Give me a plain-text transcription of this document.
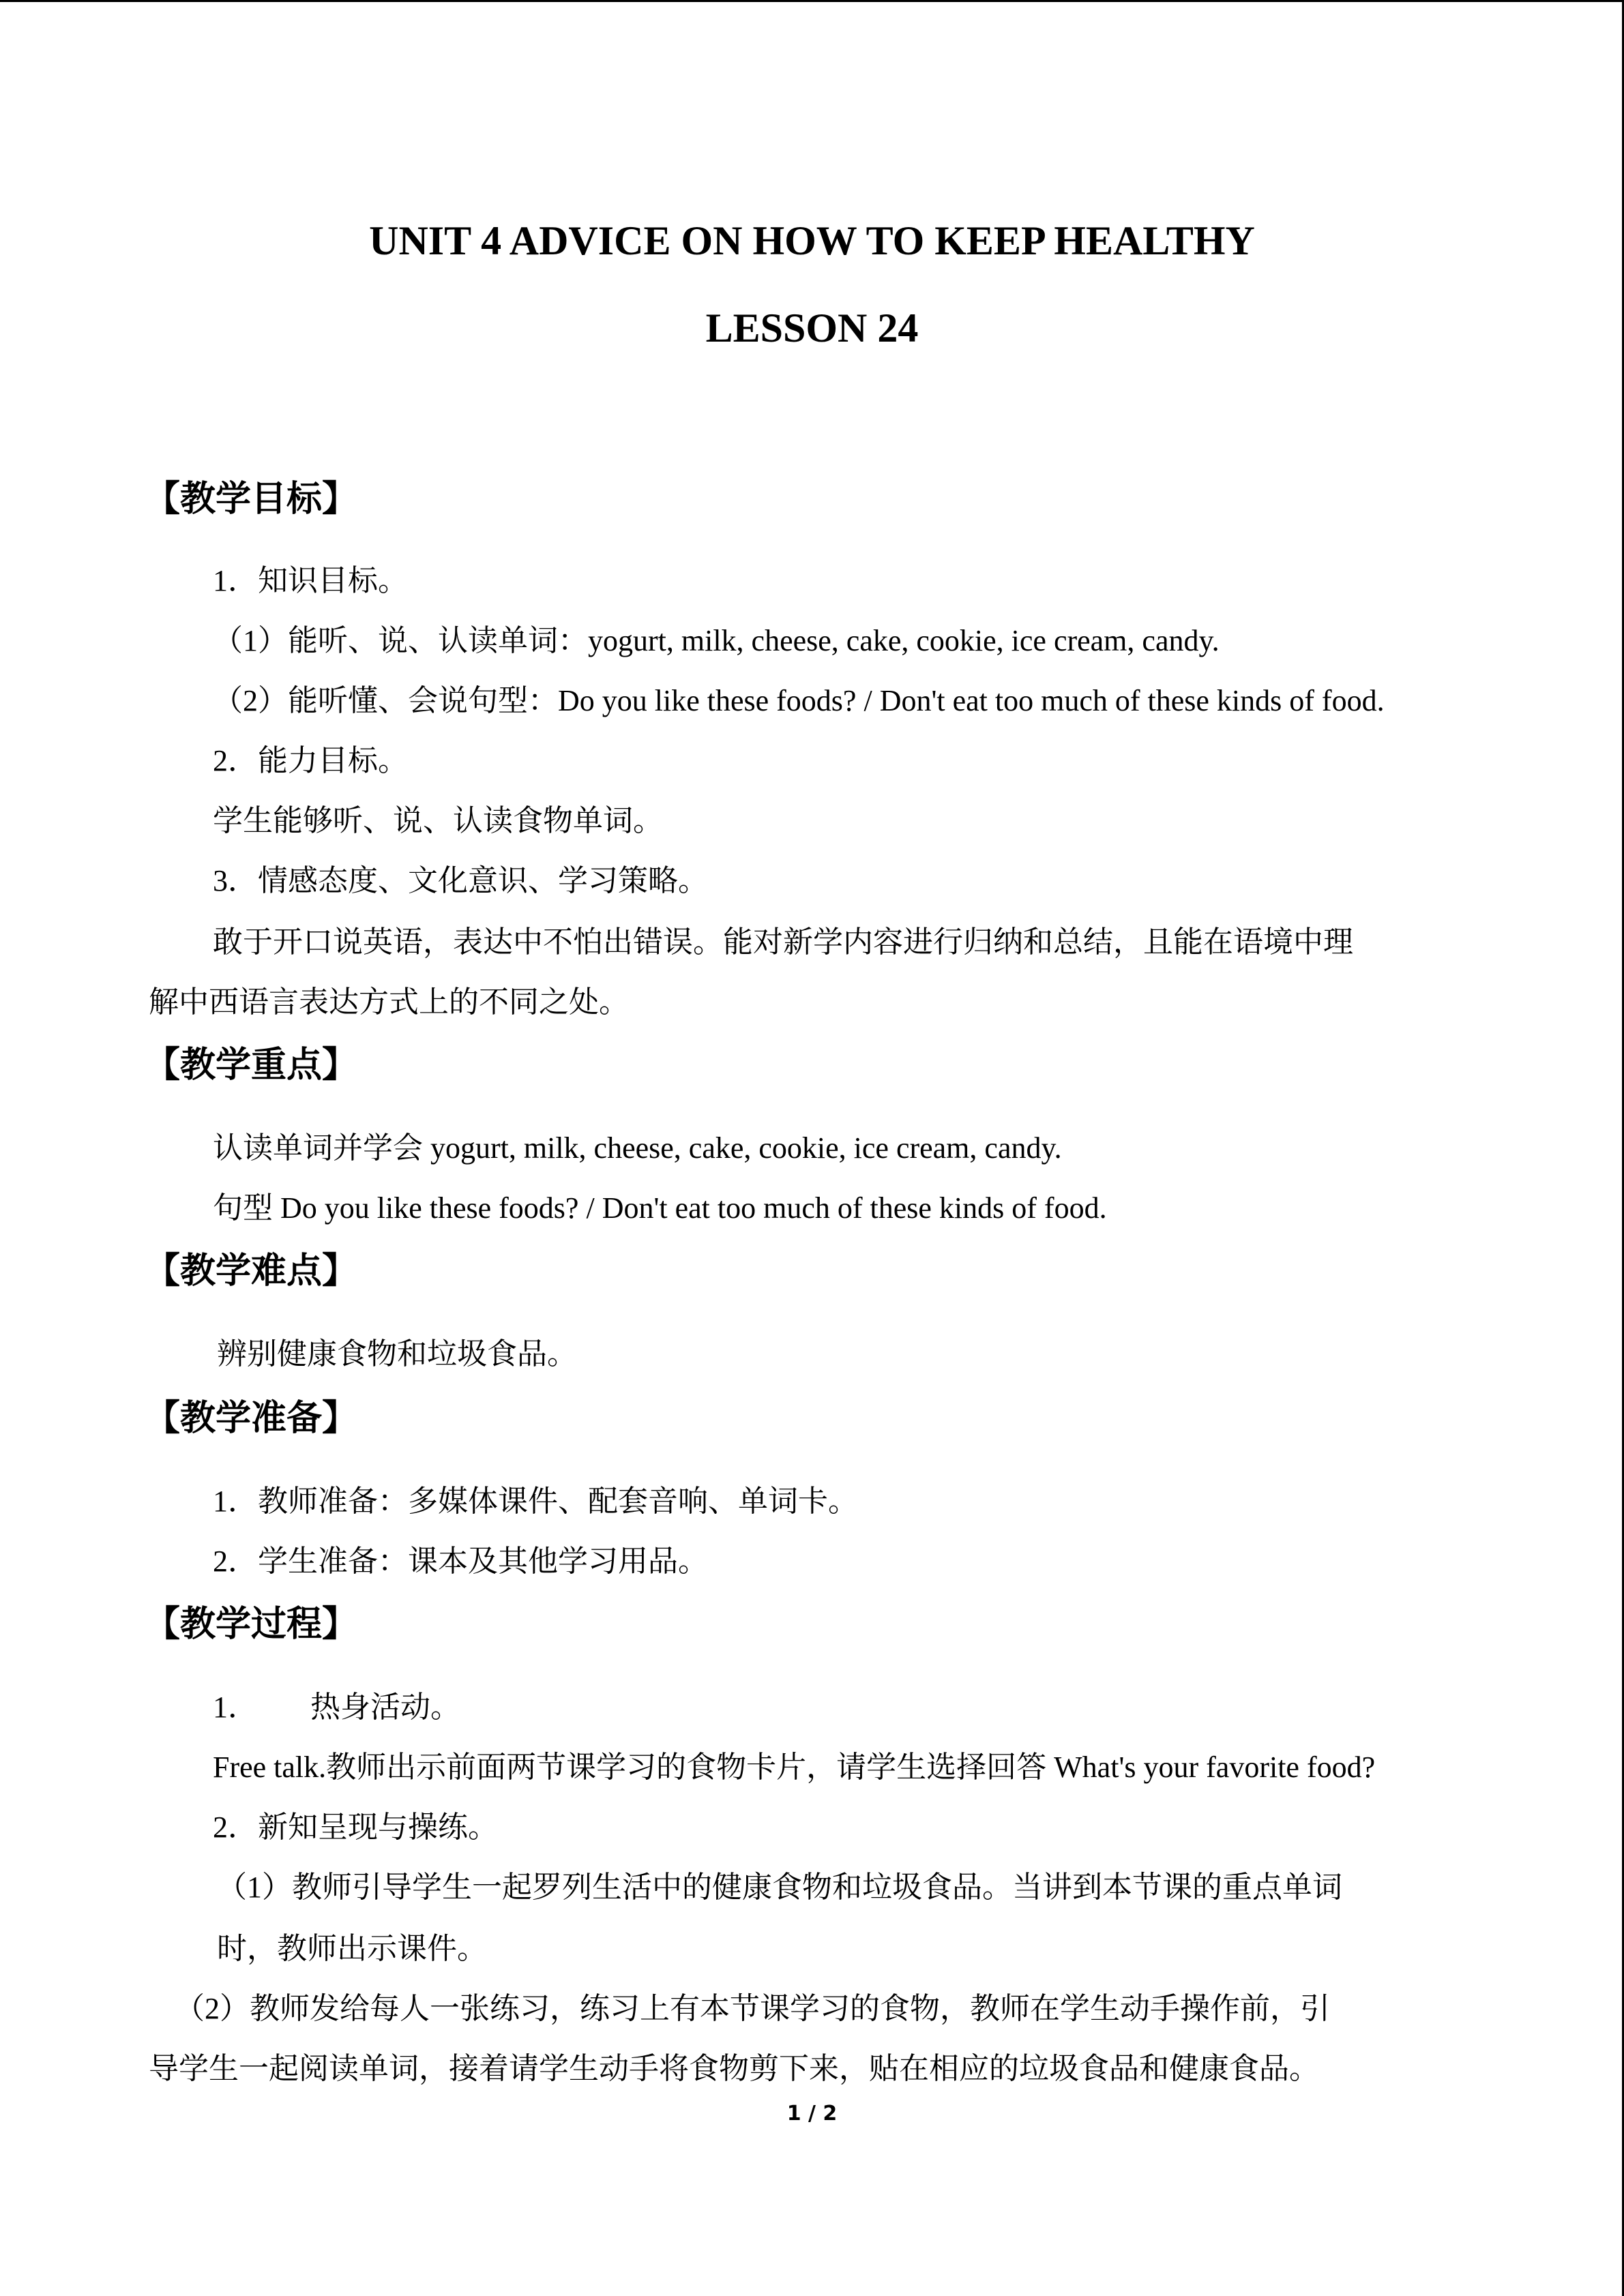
UNIT 4 ADVICE ON HOW TO KEEP HEALTHY
LESSON 24
【教学目标】
1．知识目标。
（1）能听、说、认读单词：yogurt, milk, cheese, cake, cookie, ice cream, candy.
（2）能听懂、会说句型：Do you like these foods? / Don't eat too much of these kinds of food.
2．能力目标。
学生能够听、说、认读食物单词。
3．情感态度、文化意识、学习策略。
敢于开口说英语，表达中不怕出错误。能对新学内容进行归纳和总结，且能在语境中理
解中西语言表达方式上的不同之处。
【教学重点】
认读单词并学会 yogurt, milk, cheese, cake, cookie, ice cream, candy.
句型 Do you like these foods? / Don't eat too much of these kinds of food.
【教学难点】
辨别健康食物和垃圾食品。
【教学准备】
1．教师准备：多媒体课件、配套音响、单词卡。
2．学生准备：课本及其他学习用品。
【教学过程】
1．       热身活动。
Free talk.教师出示前面两节课学习的食物卡片，请学生选择回答 What's your favorite food?
2．新知呈现与操练。
（1）教师引导学生一起罗列生活中的健康食物和垃圾食品。当讲到本节课的重点单词
时，教师出示课件。
（2）教师发给每人一张练习，练习上有本节课学习的食物，教师在学生动手操作前，引
导学生一起阅读单词，接着请学生动手将食物剪下来，贴在相应的垃圾食品和健康食品。
1 / 2
